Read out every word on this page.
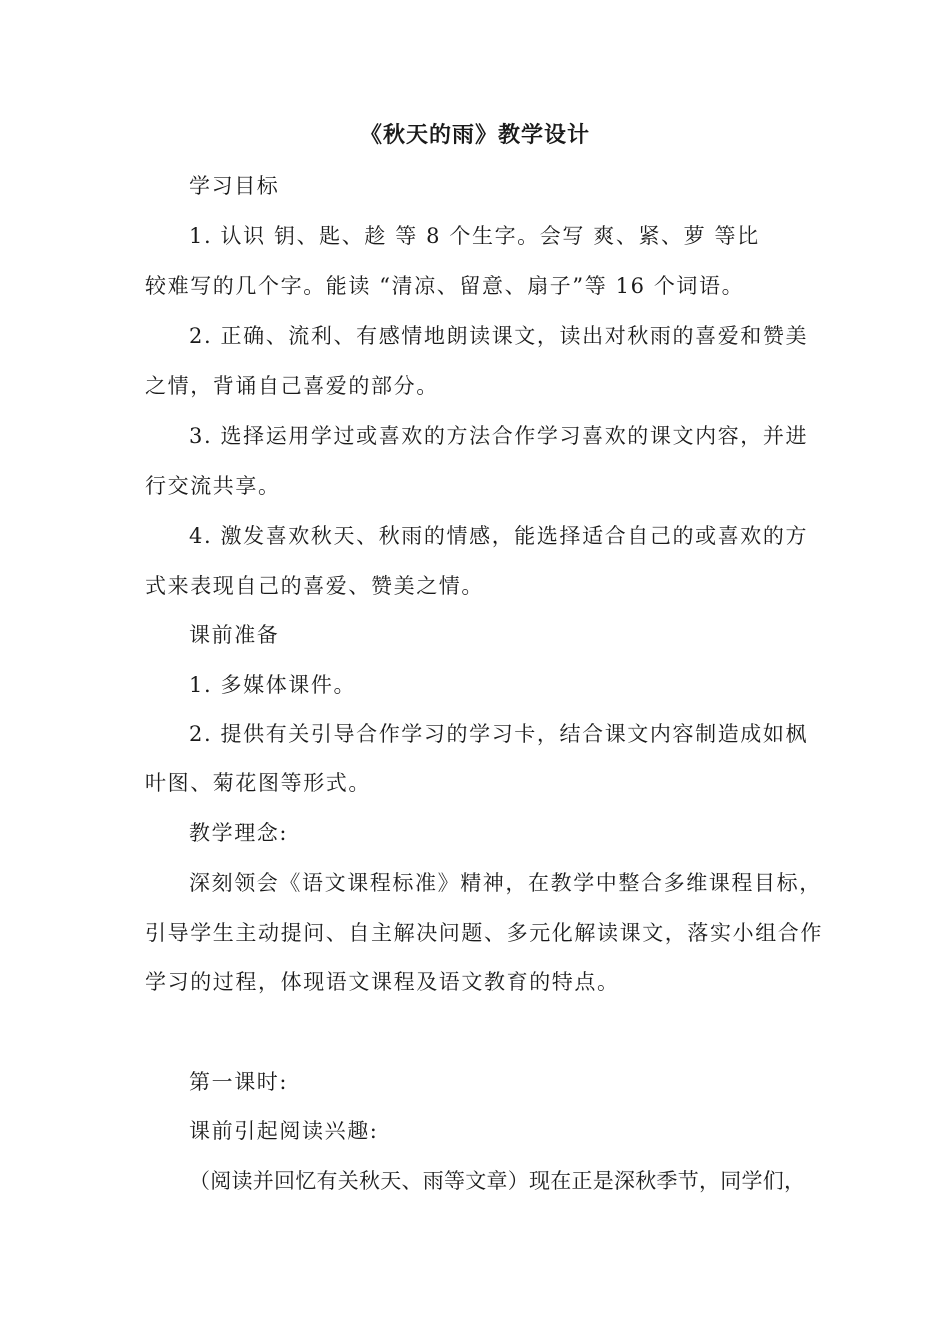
《秋天的雨》教学设计
学习目标
1. 认识 钥、匙、趁 等 8 个生字。会写 爽、紧、萝 等比
较难写的几个字。能读 “清凉、留意、扇子”等 16 个词语。
2. 正确、流利、有感情地朗读课文，读出对秋雨的喜爱和赞美
之情，背诵自己喜爱的部分。
3. 选择运用学过或喜欢的方法合作学习喜欢的课文内容，并进
行交流共享。
4. 激发喜欢秋天、秋雨的情感，能选择适合自己的或喜欢的方
式来表现自己的喜爱、赞美之情。
课前准备
1. 多媒体课件。
2. 提供有关引导合作学习的学习卡，结合课文内容制造成如枫
叶图、菊花图等形式。
教学理念:
深刻领会《语文课程标准》精神，在教学中整合多维课程目标，
引导学生主动提问、自主解决问题、多元化解读课文，落实小组合作
学习的过程，体现语文课程及语文教育的特点。
第一课时:
课前引起阅读兴趣:
（阅读并回忆有关秋天、雨等文章）现在正是深秋季节，同学们，
